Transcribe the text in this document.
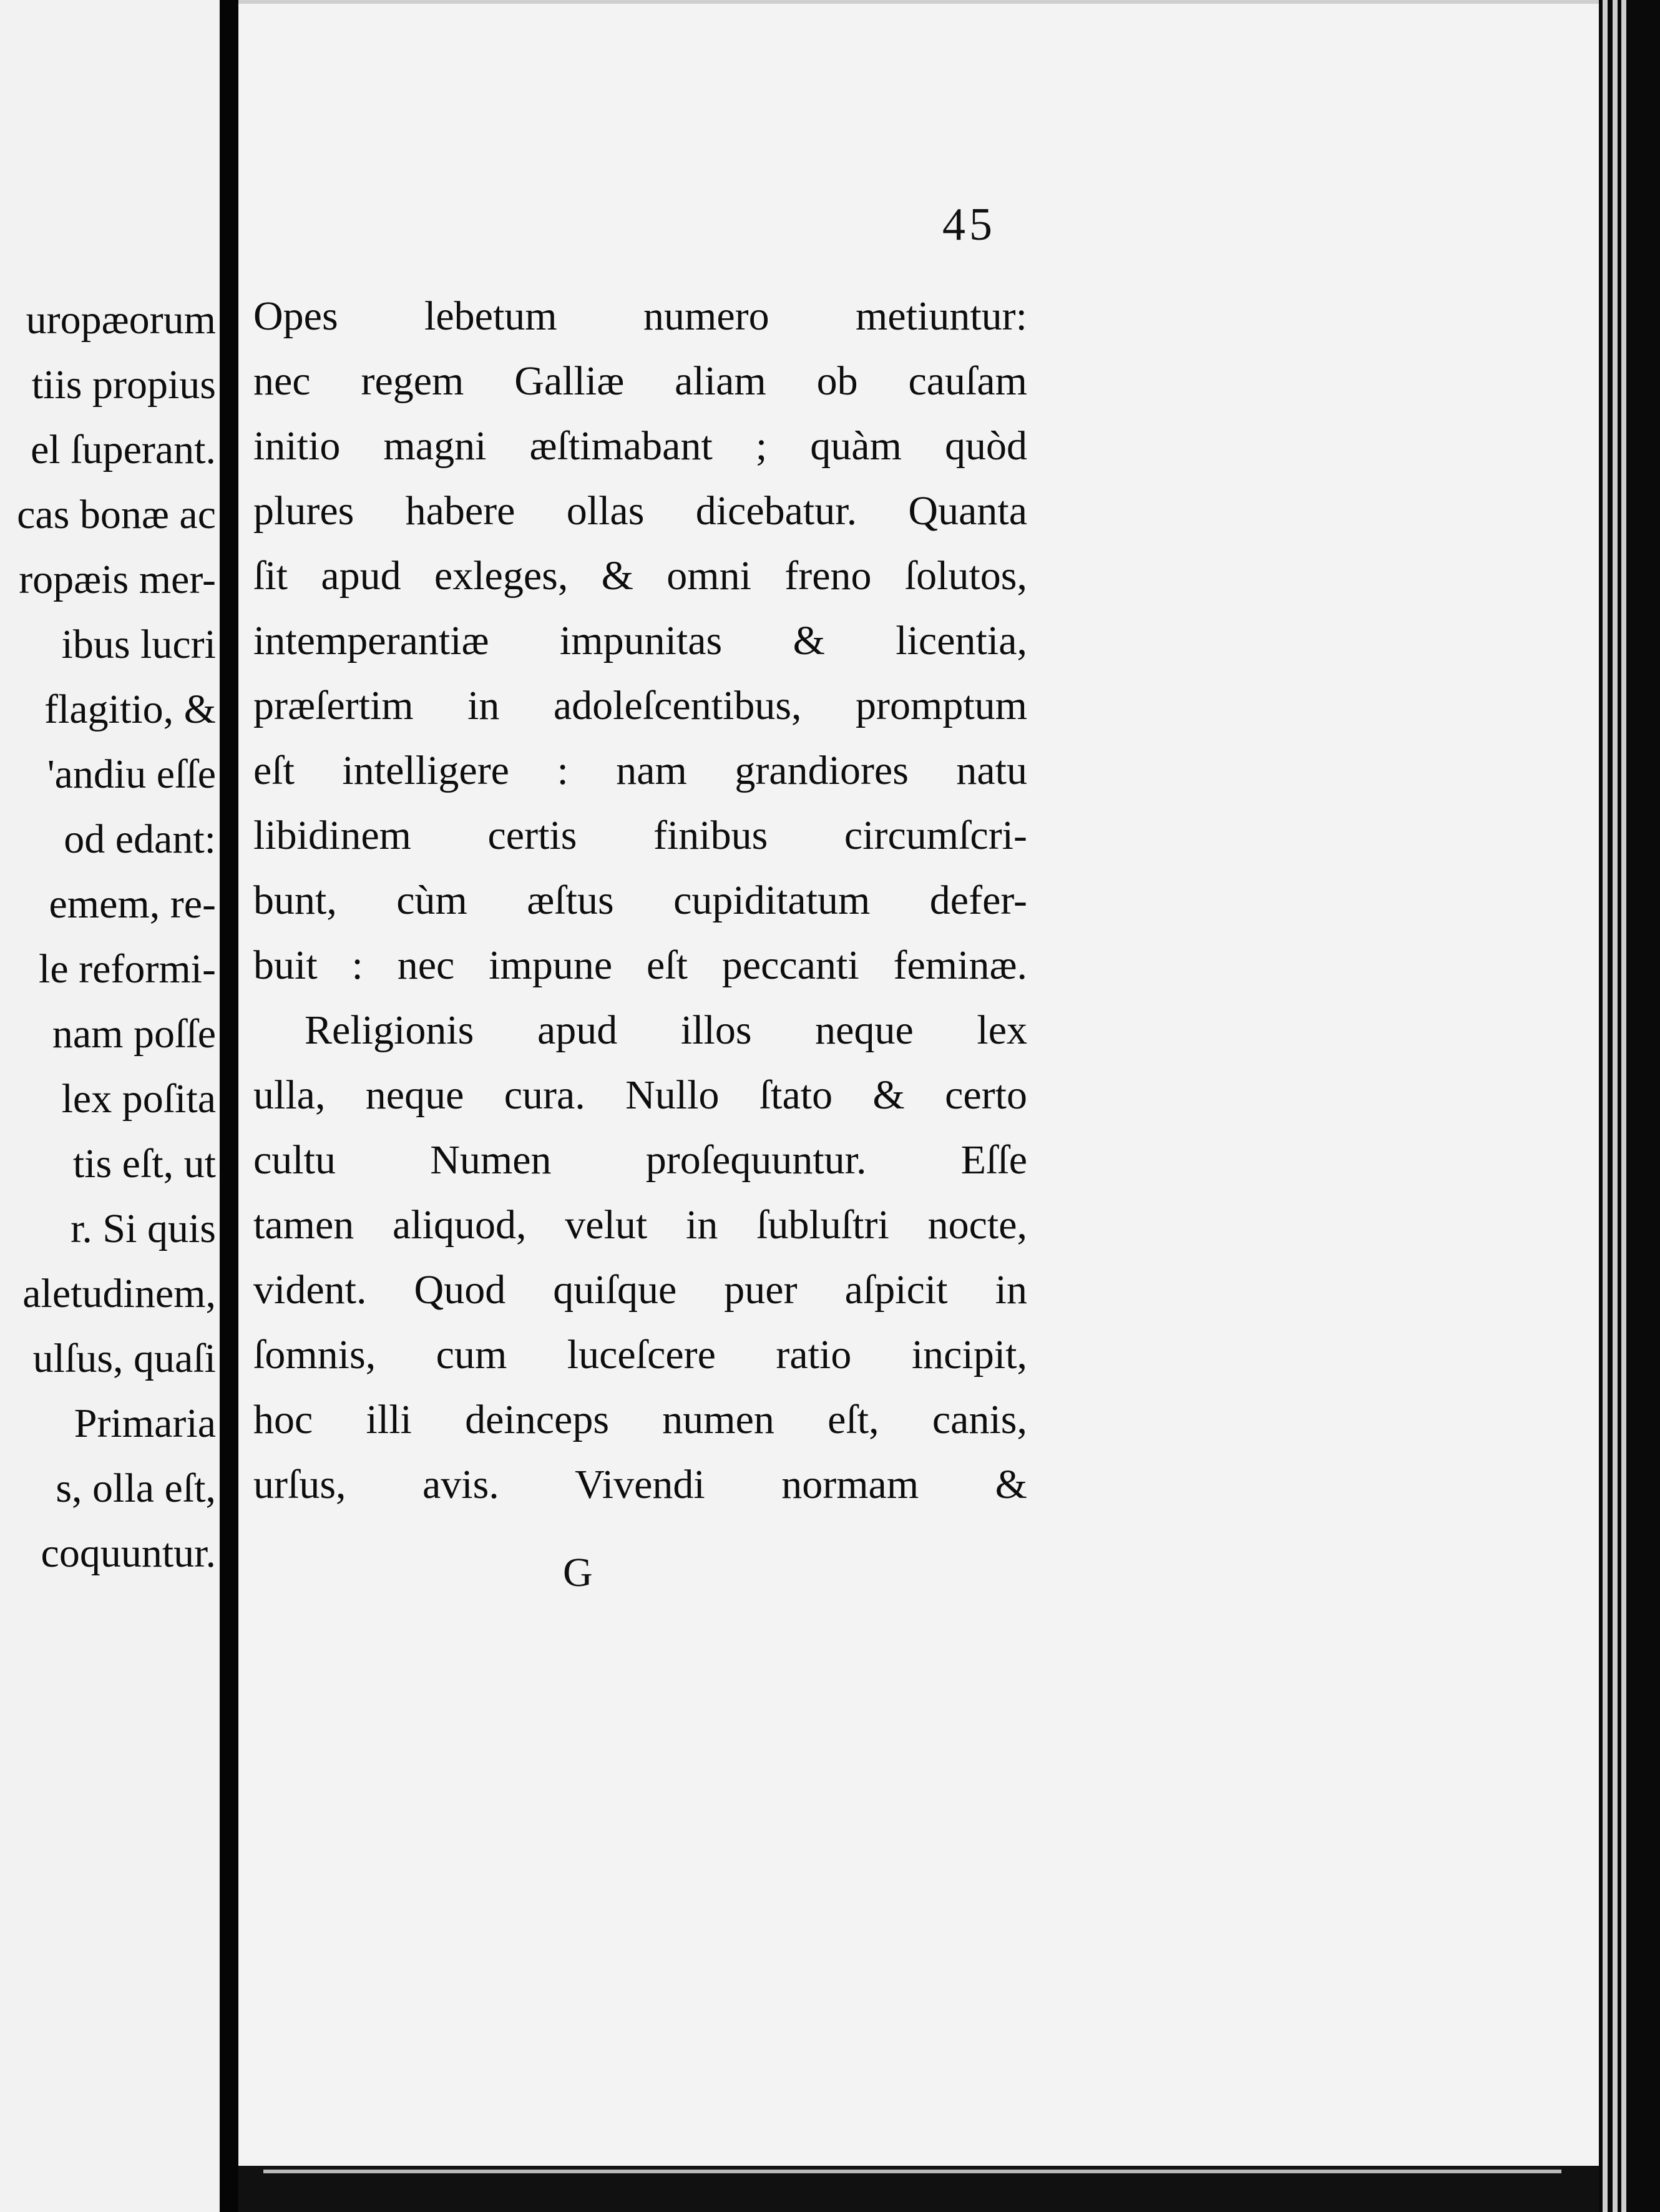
uropæorum
tiis propius
el ſuperant.
cas bonæ ac
ropæis mer-
ibus lucri
flagitio, &
'andiu eſſe
od edant:
emem, re-
le reformi-
nam poſſe
lex poſita
tis eſt, ut
r. Si quis
aletudinem,
ulſus, quaſi
Primaria
s, olla eſt,
coquuntur.
45
Opes lebetum numero metiuntur:
nec regem Galliæ aliam ob cauſam
initio magni æſtimabant ; quàm quòd
plures habere ollas dicebatur. Quanta
ſit apud exleges, & omni freno ſolutos,
intemperantiæ impunitas & licentia,
præſertim in adoleſcentibus, promptum
eſt intelligere : nam grandiores natu
libidinem certis finibus circumſcri-
bunt, cùm æſtus cupiditatum defer-
buit : nec impune eſt peccanti feminæ.
Religionis apud illos neque lex
ulla, neque cura. Nullo ſtato & certo
cultu Numen proſequuntur. Eſſe
tamen aliquod, velut in ſubluſtri nocte,
vident. Quod quiſque puer aſpicit in
ſomnis, cum luceſcere ratio incipit,
hoc illi deinceps numen eſt, canis,
urſus, avis. Vivendi normam &
G
